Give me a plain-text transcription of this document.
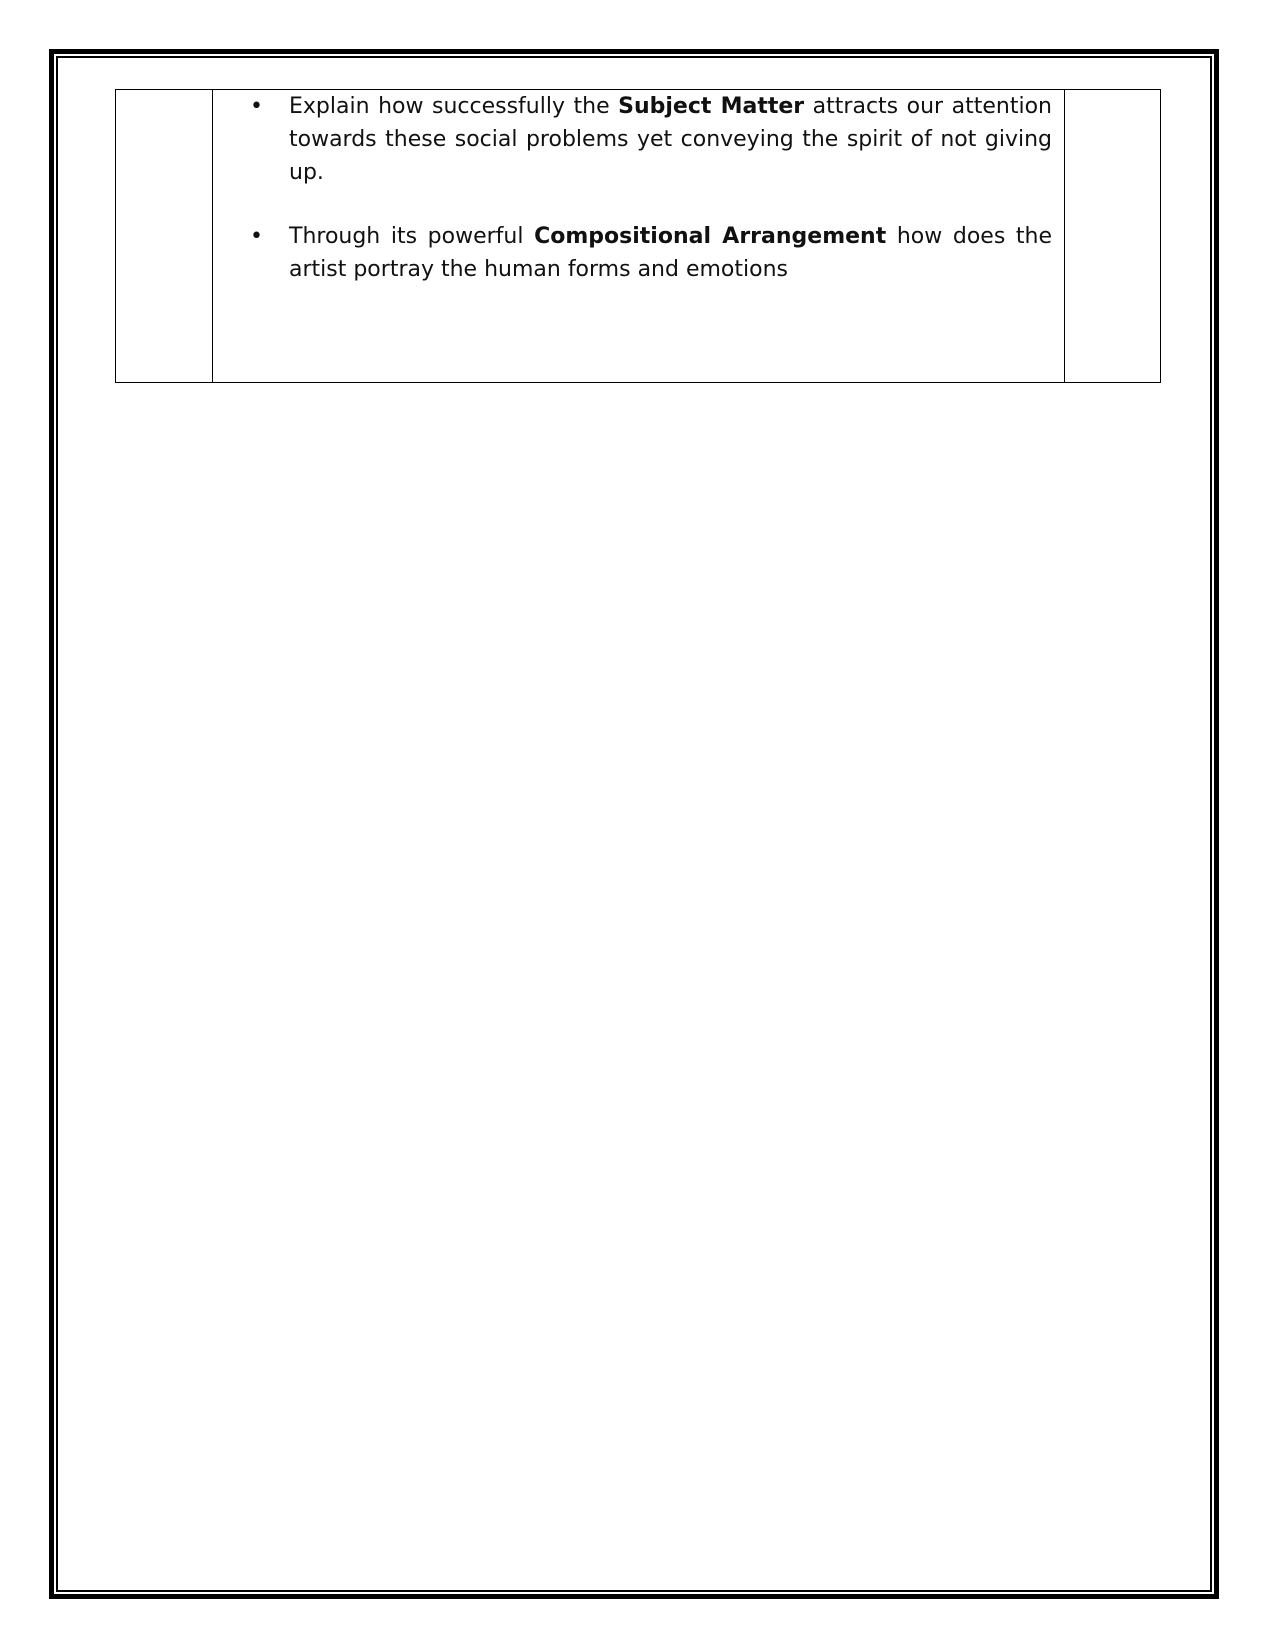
• Explain how successfully the Subject Matter attracts our attention towards these social problems yet conveying the spirit of not giving up.
• Through its powerful Compositional Arrangement how does the artist portray the human forms and emotions
